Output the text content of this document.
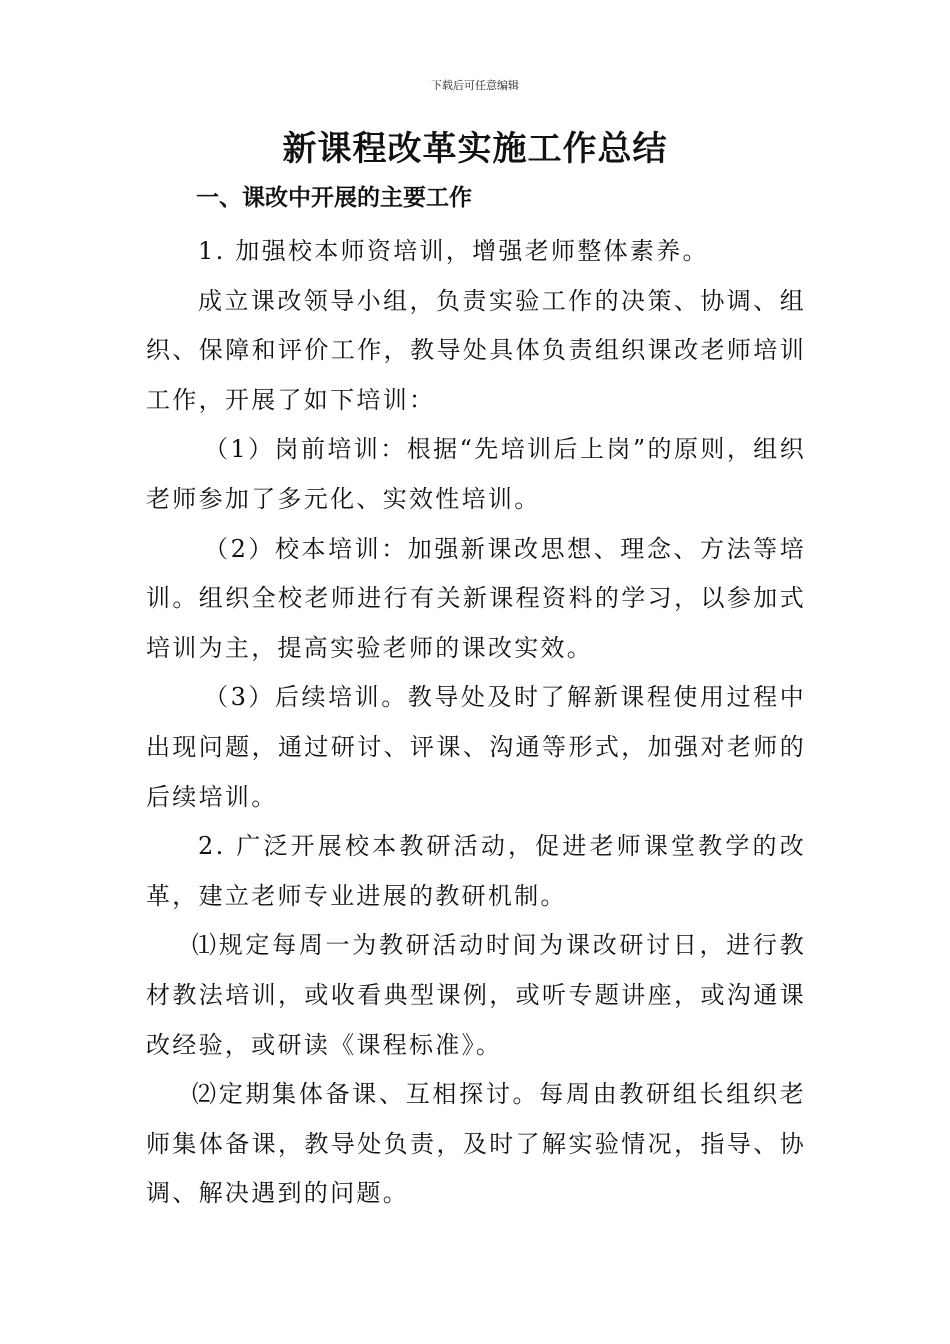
下载后可任意编辑
新课程改革实施工作总结
一、课改中开展的主要工作

1. 加强校本师资培训，增强老师整体素养。

成立课改领导小组，负责实验工作的决策、协调、组织、保障和评价工作，教导处具体负责组织课改老师培训工作，开展了如下培训：

（1）岗前培训：根据“先培训后上岗”的原则，组织老师参加了多元化、实效性培训。

（2）校本培训：加强新课改思想、理念、方法等培训。组织全校老师进行有关新课程资料的学习，以参加式培训为主，提高实验老师的课改实效。

（3）后续培训。教导处及时了解新课程使用过程中出现问题，通过研讨、评课、沟通等形式，加强对老师的后续培训。

2. 广泛开展校本教研活动，促进老师课堂教学的改革，建立老师专业进展的教研机制。

⑴规定每周一为教研活动时间为课改研讨日，进行教材教法培训，或收看典型课例，或听专题讲座，或沟通课改经验，或研读《课程标准》。

⑵定期集体备课、互相探讨。每周由教研组长组织老师集体备课，教导处负责，及时了解实验情况，指导、协调、解决遇到的问题。
